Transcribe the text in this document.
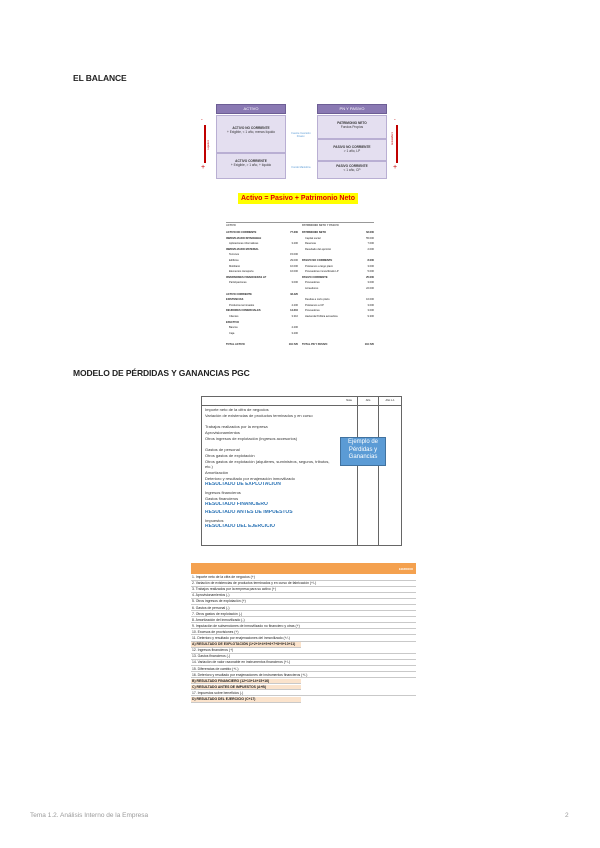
EL BALANCE
MODELO DE PÉRDIDAS Y GANANCIAS PGC
-
+
Liquidez
ACTIVO
ACTIVO NO CORRIENTE
+ Exigible, < 1 año, menos líquido
ACTIVO CORRIENTE
+ Exigible, > 1 año, + líquido
Fuente Inversión Financ.
Fondo Maniobra
PN Y PASIVO
PATRIMONIO NETO
Fondos Propios
PASIVO NO CORRIENTE
> 1 año, LP
PASIVO CORRIENTE
< 1 año, CP
-
+
Exigibilidad
Activo = Pasivo + Patrimonio Neto
ACTIVO	PATRIMONIO NETO Y PASIVO
ACTIVO NO CORRIENTE	77.300
INMOVILIZADO INTANGIBLE
Aplicaciones informáticas	3.200
INMOVILIZADO MATERIAL
Terrenos	15.000
Edificios	29.000
Mobiliario	10.000
Elementos transporte	16.000
INVERSIONES FINANCIERAS LP
Participaciones	3.000
ACTIVO CORRIENTE	33.420
EXISTENCIAS
Productos terminados	4.200
DEUDORES COMERCIALES	14.210
Clientes	3.310
EFECTIVO
Bancos	4.200
Caja	3.200
TOTAL ACTIVO	110.720
PATRIMONIO NETO	62.000
Capital social	55.000
Reservas	7.000
Resultado del ejercicio	2.000
PASIVO NO CORRIENTE	8.000
Préstamos a largo plazo	3.000
Proveedores inmovilizado LP	5.000
PASIVO CORRIENTE	25.000
Proveedores	3.000
Acreedores	22.000
Deudas a corto plazo	16.000
Préstamos a CP	3.000
Proveedores	3.000
Hacienda Pública acreedora	9.300
TOTAL PN Y PASIVO	110.720
Nota	Año	Año n-1
Importe neto de la cifra de negocios
Variación de existencias de productos terminados y en curso
Trabajos realizados por la empresa
Aprovisionamientos
Otros ingresos de explotación (ingresos accesorios)
Gastos de personal
Otros gastos de explotación
Otros gastos de explotación (alquileres, suministros, seguros, tributos, etc.)
Amortización
Deterioro y resultado por enajenación inmovilizado
RESULTADO DE EXPLOTACIÓN
Ingresos financieros
Gastos financieros
RESULTADO FINANCIERO
RESULTADO ANTES DE IMPUESTOS
Impuestos
RESULTADO DEL EJERCICIO
Ejemplo de Pérdidas y Ganancias
EJERCICIO
1. Importe neto de la cifra de negocios (+)
2. Variación de existencias de productos terminados y en curso de fabricación (+/-)
3. Trabajos realizados por la empresa para su activo (+)
4. Aprovisionamientos (-)
5. Otros ingresos de explotación (+)
6. Gastos de personal (-)
7. Otros gastos de explotación (-)
8. Amortización del inmovilizado (-)
9. Imputación de subvenciones de inmovilizado no financiero y otras (+)
10. Excesos de provisiones (+)
11. Deterioro y resultado por enajenaciones del inmovilizado (+/-)
A) RESULTADO DE EXPLOTACIÓN (1+2+3+4+5+6+7+8+9+10+11)
12. Ingresos financieros (+)
13. Gastos financieros (-)
14. Variación de valor razonable en instrumentos financieros (+/-)
15. Diferencias de cambio (+/-)
16. Deterioro y resultado por enajenaciones de instrumentos financieros (+/-)
B) RESULTADO FINANCIERO (12+13+14+15+16)
C) RESULTADO ANTES DE IMPUESTOS (A+B)
17. Impuestos sobre beneficios (-)
D) RESULTADO DEL EJERCICIO (C+17)
Tema 1.2. Análisis Interno de la Empresa	2
